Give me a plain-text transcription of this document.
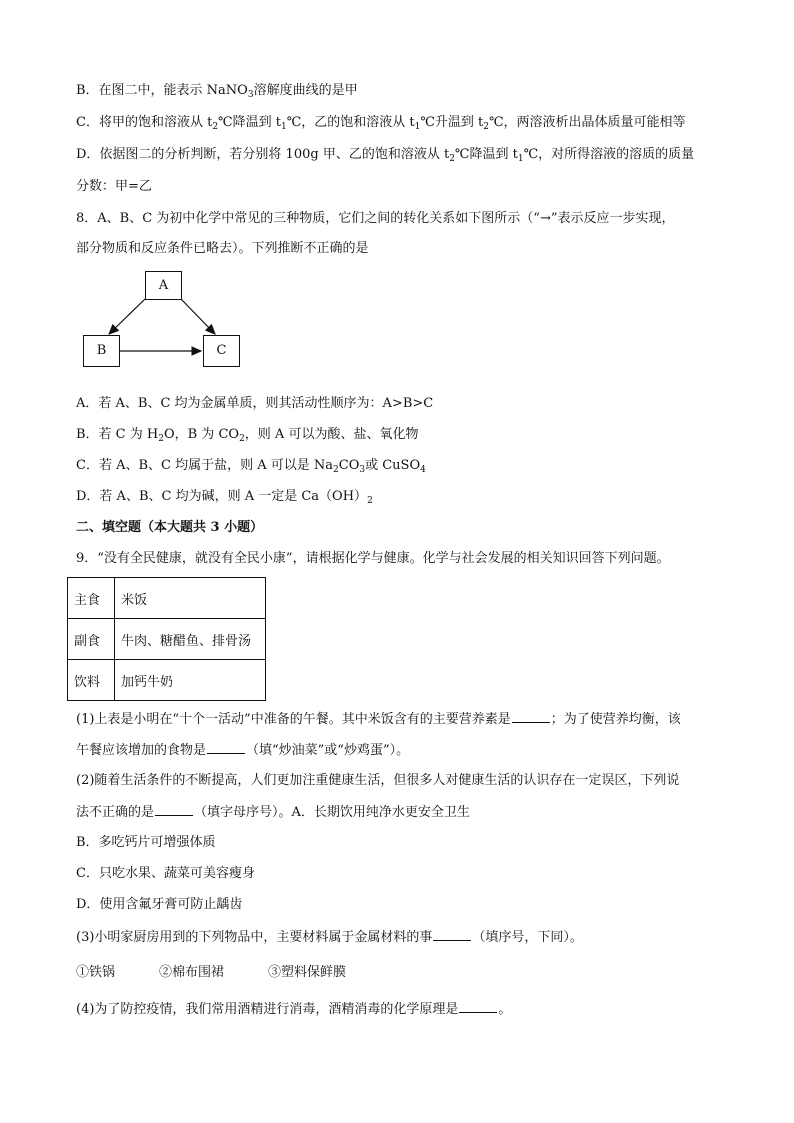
B．在图二中，能表示 NaNO$_3$溶解度曲线的是甲
C．将甲的饱和溶液从 $t_2℃$降温到 $t_1℃$，乙的饱和溶液从 $t_1℃$升温到 $t_2℃$，两溶液析出晶体质量可能相等
D．依据图二的分析判断，若分别将 100g 甲、乙的饱和溶液从 $t_2℃$降温到 $t_1℃$，对所得溶液的溶质的质量
分数：甲=乙
8．A、B、C 为初中化学中常见的三种物质，它们之间的转化关系如下图所示（“→”表示反应一步实现，
部分物质和反应条件已略去）。下列推断不正确的是
A
B	C
A．若 A、B、C 均为金属单质，则其活动性顺序为：A>B>C
B．若 C 为 $H_2O$，B 为 $CO_2$，则 A 可以为酸、盐、氧化物
C．若 A、B、C 均属于盐，则 A 可以是 $Na_2CO_3$或 CuSO$_4$
D．若 A、B、C 均为碱，则 A 一定是 $Ca(OH)_2$
二、填空题（本大题共 3 小题）
9．“没有全民健康，就没有全民小康”，请根据化学与健康。化学与社会发展的相关知识回答下列问题。
主食	米饭
副食	牛肉、糖醋鱼、排骨汤
饮料	加钙牛奶
(1)上表是小明在“十个一活动”中准备的午餐。其中米饭含有的主要营养素是	；为了使营养均衡，该
午餐应该增加的食物是	（填“炒油菜”或“炒鸡蛋”）。
(2)随着生活条件的不断提高，人们更加注重健康生活，但很多人对健康生活的认识存在一定误区，下列说
法不正确的是	（填字母序号）。A．长期饮用纯净水更安全卫生
B．多吃钙片可增强体质
C．只吃水果、蔬菜可美容瘦身
D．使用含氟牙膏可防止龋齿
(3)小明家厨房用到的下列物品中，主要材料属于金属材料的事	（填序号，下同）。
①铁锅	②棉布围裙	③塑料保鲜膜
(4)为了防控疫情，我们常用酒精进行消毒，酒精消毒的化学原理是	。
